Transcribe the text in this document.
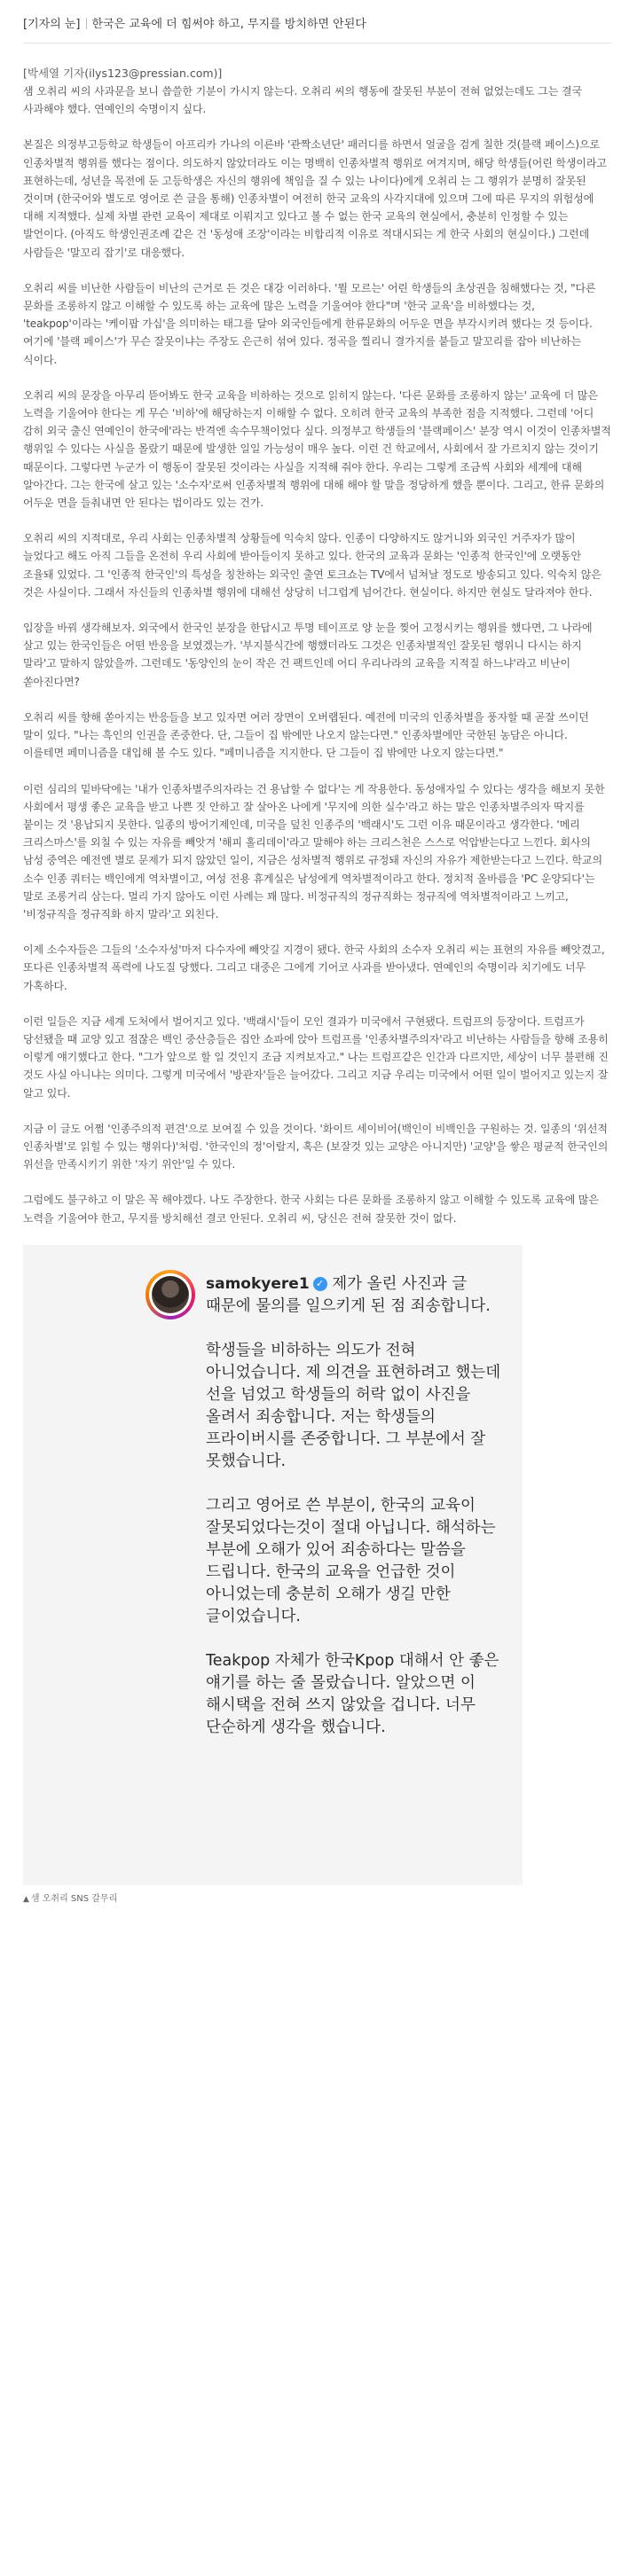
[기자의 눈] 한국은 교육에 더 힘써야 하고, 무지를 방치하면 안된다
[박세열 기자(ilys123@pressian.com)]

샘 오취리 씨의 사과문을 보니 씁쓸한 기분이 가시지 않는다. 오취리 씨의 행동에 잘못된 부분이 전혀 없었는데도 그는 결국 사과해야 했다. 연예인의 숙명이지 싶다.

본질은 의정부고등학교 학생들이 아프리카 가나의 이른바 '관짝소년단' 패러디를 하면서 얼굴을 검게 칠한 것(블랙 페이스)으로 인종차별적 행위를 했다는 점이다. 의도하지 않았더라도 이는 명백히 인종차별적 행위로 여겨지며, 해당 학생들(어린 학생이라고 표현하는데, 성년을 목전에 둔 고등학생은 자신의 행위에 책임을 질 수 있는 나이다)에게 오취리 는 그 행위가 분명히 잘못된 것이며 (한국어와 별도로 영어로 쓴 글을 통해) 인종차별이 여전히 한국 교육의 사각지대에 있으며 그에 따른 무지의 위험성에 대해 지적했다. 실제 차별 관련 교육이 제대로 이뤄지고 있다고 볼 수 없는 한국 교육의 현실에서, 충분히 인정할 수 있는 발언이다. (아직도 학생인권조례 같은 건 '동성애 조장'이라는 비합리적 이유로 적대시되는 게 한국 사회의 현실이다.) 그런데 사람들은 '말꼬리 잡기'로 대응했다.

오취리 씨를 비난한 사람들이 비난의 근거로 든 것은 대강 이러하다. '뭘 모르는' 어린 학생들의 초상권을 침해했다는 것, "다른 문화를 조롱하지 않고 이해할 수 있도록 하는 교육에 많은 노력을 기울여야 한다"며 '한국 교육'을 비하했다는 것, 'teakpop'이라는 '케이팝 가십'을 의미하는 태그를 달아 외국인들에게 한류문화의 어두운 면을 부각시키려 했다는 것 등이다. 여기에 '블랙 페이스'가 무슨 잘못이냐는 주장도 은근히 섞여 있다. 정곡을 찔리니 결가지를 붙들고 말꼬리를 잡아 비난하는 식이다.

오취리 씨의 문장을 아무리 뜯어봐도 한국 교육을 비하하는 것으로 읽히지 않는다. '다른 문화를 조롱하지 않는' 교육에 더 많은 노력을 기울여야 한다는 게 무슨 '비하'에 해당하는지 이해할 수 없다. 오히려 한국 교육의 부족한 점을 지적했다. 그런데 '어디 감히 외국 출신 연예인이 한국에'라는 반격엔 속수무책이었다 싶다. 의정부고 학생들의 '블랙페이스' 분장 역시 이것이 인종차별적 행위일 수 있다는 사실을 몰랐기 때문에 발생한 일일 가능성이 매우 높다. 이런 건 학교에서, 사회에서 잘 가르치지 않는 것이기 때문이다. 그렇다면 누군가 이 행동이 잘못된 것이라는 사실을 지적해 줘야 한다. 우리는 그렇게 조금씩 사회와 세계에 대해 알아간다. 그는 한국에 살고 있는 '소수자'로써 인종차별적 행위에 대해 해야 할 말을 정당하게 했을 뿐이다. 그리고, 한류 문화의 어두운 면을 들춰내면 안 된다는 법이라도 있는 건가.

오취리 씨의 지적대로, 우리 사회는 인종차별적 상황들에 익숙치 않다. 인종이 다양하지도 않거니와 외국인 거주자가 많이 늘었다고 해도 아직 그들을 온전히 우리 사회에 받아들이지 못하고 있다. 한국의 교육과 문화는 '인종적 한국인'에 오랫동안 조율돼 있었다. 그 '인종적 한국인'의 특성을 칭찬하는 외국인 출연 토크쇼는 TV에서 넘쳐날 정도로 방송되고 있다. 익숙치 않은 것은 사실이다. 그래서 자신들의 인종차별 행위에 대해선 상당히 너그럽게 넘어간다. 현실이다. 하지만 현실도 달라져야 한다.

입장을 바꿔 생각해보자. 외국에서 한국인 분장을 한답시고 투명 테이프로 양 눈을 찢어 고정시키는 행위를 했다면, 그 나라에 살고 있는 한국인들은 어떤 반응을 보였겠는가. '부지불식간에 행했더라도 그것은 인종차별적인 잘못된 행위니 다시는 하지 말라'고 말하지 않았을까. 그런데도 '동양인의 눈이 작은 건 팩트인데 어디 우리나라의 교육을 지적질 하느냐'라고 비난이 쏟아진다면?

오취리 씨를 향해 쏟아지는 반응들을 보고 있자면 여러 장면이 오버랩된다. 예전에 미국의 인종차별을 풍자할 때 곧잘 쓰이던 말이 있다. "나는 흑인의 인권을 존중한다. 단, 그들이 집 밖에만 나오지 않는다면." 인종차별에만 국한된 농담은 아니다. 이를테면 페미니즘을 대입해 볼 수도 있다. "페미니즘을 지지한다. 단 그들이 집 밖에만 나오지 않는다면."

이런 심리의 밑바닥에는 '내가 인종차별주의자라는 건 용납할 수 없다'는 게 작용한다. 동성애자일 수 있다는 생각을 해보지 못한 사회에서 평생 좋은 교육을 받고 나쁜 짓 안하고 잘 살아온 나에게 '무지에 의한 실수'라고 하는 말은 인종차별주의자 딱지를 붙이는 것 '용납되지 못한다. 일종의 방어기제인데, 미국을 덮친 인종주의 '백래시'도 그런 이유 때문이라고 생각한다. '메리 크리스마스'를 외칠 수 있는 자유를 빼앗겨 '해피 홀리데이'라고 말해야 하는 크리스천은 스스로 억압받는다고 느낀다. 회사의 남성 중역은 예전엔 별로 문제가 되지 않았던 일이, 지금은 성차별적 행위로 규정돼 자신의 자유가 제한받는다고 느낀다. 학교의 소수 인종 쿼터는 백인에게 역차별이고, 여성 전용 휴게실은 남성에게 역차별적이라고 한다. 정치적 올바름을 'PC 운양되다'는 말로 조롱거리 삼는다. 멀리 가지 않아도 이런 사례는 꽤 많다. 비정규직의 정규직화는 정규직에 역차별적이라고 느끼고, '비정규직을 정규직화 하지 말라'고 외친다.

이제 소수자들은 그들의 '소수자성'마저 다수자에 빼앗길 지경이 됐다. 한국 사회의 소수자 오취리 씨는 표현의 자유를 빼앗겼고, 또다른 인종차별적 폭력에 나도질 당했다. 그리고 대중은 그에게 기어코 사과를 받아냈다. 연예인의 숙명이라 치기에도 너무 가혹하다.

이런 일들은 지금 세계 도처에서 벌어지고 있다. '백래시'들이 모인 결과가 미국에서 구현됐다. 트럼프의 등장이다. 트럼프가 당선됐을 때 교양 있고 점잖은 백인 중산층들은 집안 쇼파에 앉아 트럼프를 '인종차별주의자'라고 비난하는 사람들을 향해 조용히 이렇게 얘기했다고 한다. "그가 앞으로 할 일 것인지 조금 지켜보자고." 나는 트럼프같은 인간과 다르지만, 세상이 너무 불편해 진 것도 사실 아니냐는 의미다. 그렇게 미국에서 '방관자'들은 늘어갔다. 그리고 지금 우리는 미국에서 어떤 일이 벌어지고 있는지 잘 알고 있다.

지금 이 글도 어쩜 '인종주의적 편견'으로 보여질 수 있을 것이다. '화이트 세이비어(백인이 비백인을 구원하는 것. 일종의 '위선적 인종차별'로 읽힐 수 있는 행위다)'처럼. '한국인의 정'이랄지, 혹은 (보잘것 있는 교양은 아니지만) '교양'을 쌓은 평균적 한국인의 위선을 만족시키기 위한 '자기 위안'일 수 있다.

그럼에도 불구하고 이 말은 꼭 해야겠다. 나도 주장한다. 한국 사회는 다른 문화를 조롱하지 않고 이해할 수 있도록 교육에 많은 노력을 기울여야 한고, 무지를 방치해선 결코 안된다. 오취리 씨, 당신은 전혀 잘못한 것이 없다.

samokyere1 ✓ 제가 올린 사진과 글 때문에 물의를 일으키게 된 점 죄송합니다.

학생들을 비하하는 의도가 전혀 아니었습니다. 제 의견을 표현하려고 했는데 선을 넘었고 학생들의 허락 없이 사진을 올려서 죄송합니다. 저는 학생들의 프라이버시를 존중합니다. 그 부분에서 잘 못했습니다.

그리고 영어로 쓴 부분이, 한국의 교육이 잘못되었다는것이 절대 아닙니다. 해석하는 부분에 오해가 있어 죄송하다는 말씀을 드립니다. 한국의 교육을 언급한 것이 아니었는데 충분히 오해가 생길 만한 글이었습니다.

Teakpop 자체가 한국Kpop 대해서 안 좋은 얘기를 하는 줄 몰랐습니다. 알았으면 이 해시택을 전혀 쓰지 않았을 겁니다. 너무 단순하게 생각을 했습니다.

▲ 샘 오취리 SNS 갈무리
